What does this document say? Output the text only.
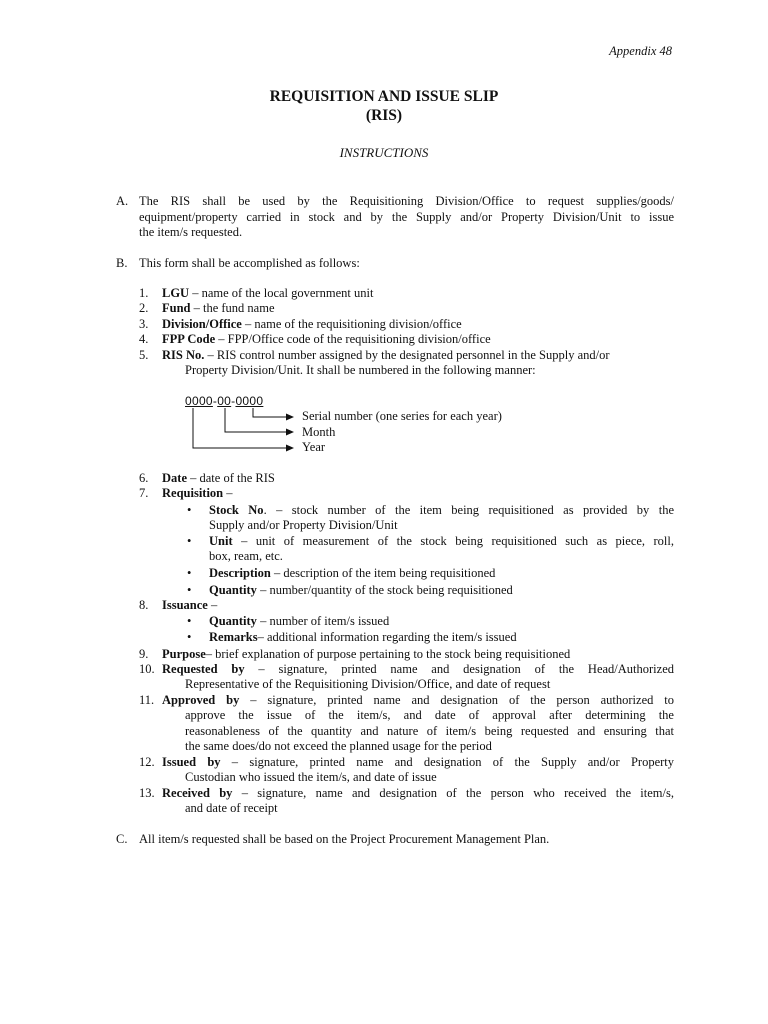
Appendix 48
REQUISITION AND ISSUE SLIP
(RIS)
INSTRUCTIONS
A. The RIS shall be used by the Requisitioning Division/Office to request supplies/goods/
equipment/property carried in stock and by the Supply and/or Property Division/Unit to issue
the item/s requested.
B. This form shall be accomplished as follows:
1. LGU – name of the local government unit
2. Fund – the fund name
3. Division/Office – name of the requisitioning division/office
4. FPP Code – FPP/Office code of the requisitioning division/office
5. RIS No. – RIS control number assigned by the designated personnel in the Supply and/or
Property Division/Unit. It shall be numbered in the following manner:
0000-00-0000
Serial number (one series for each year)
Month
Year
6. Date – date of the RIS
7. Requisition –
• Stock No. – stock number of the item being requisitioned as provided by the
Supply and/or Property Division/Unit
• Unit – unit of measurement of the stock being requisitioned such as piece, roll,
box, ream, etc.
• Description – description of the item being requisitioned
• Quantity – number/quantity of the stock being requisitioned
8. Issuance –
• Quantity – number of item/s issued
• Remarks– additional information regarding the item/s issued
9. Purpose– brief explanation of purpose pertaining to the stock being requisitioned
10. Requested by – signature, printed name and designation of the Head/Authorized
Representative of the Requisitioning Division/Office, and date of request
11. Approved by – signature, printed name and designation of the person authorized to
approve the issue of the item/s, and date of approval after determining the
reasonableness of the quantity and nature of item/s being requested and ensuring that
the same does/do not exceed the planned usage for the period
12. Issued by – signature, printed name and designation of the Supply and/or Property
Custodian who issued the item/s, and date of issue
13. Received by – signature, name and designation of the person who received the item/s,
and date of receipt
C. All item/s requested shall be based on the Project Procurement Management Plan.
